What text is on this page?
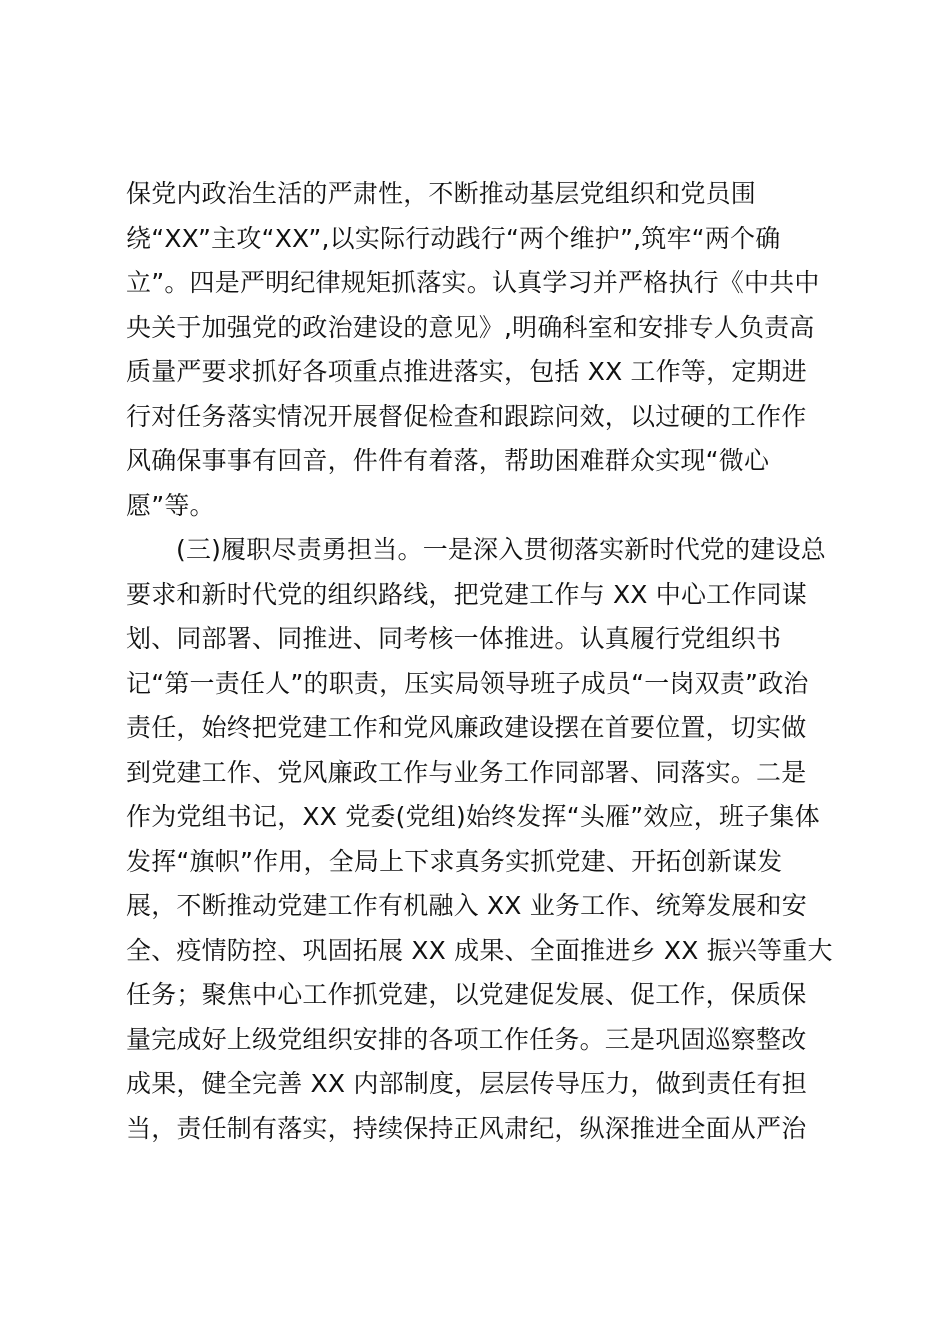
保党内政治生活的严肃性，不断推动基层党组织和党员围
绕“XX”主攻“XX”,以实际行动践行“两个维护”,筑牢“两个确
立”。四是严明纪律规矩抓落实。认真学习并严格执行《中共中
央关于加强党的政治建设的意见》,明确科室和安排专人负责高
质量严要求抓好各项重点推进落实，包括 XX 工作等，定期进
行对任务落实情况开展督促检查和跟踪问效，以过硬的工作作
风确保事事有回音，件件有着落，帮助困难群众实现“微心
愿”等。
(三)履职尽责勇担当。一是深入贯彻落实新时代党的建设总
要求和新时代党的组织路线，把党建工作与 XX 中心工作同谋
划、同部署、同推进、同考核一体推进。认真履行党组织书
记“第一责任人”的职责，压实局领导班子成员“一岗双责”政治
责任，始终把党建工作和党风廉政建设摆在首要位置，切实做
到党建工作、党风廉政工作与业务工作同部署、同落实。二是
作为党组书记，XX 党委(党组)始终发挥“头雁”效应，班子集体
发挥“旗帜”作用，全局上下求真务实抓党建、开拓创新谋发
展，不断推动党建工作有机融入 XX 业务工作、统筹发展和安
全、疫情防控、巩固拓展 XX 成果、全面推进乡 XX 振兴等重大
任务；聚焦中心工作抓党建，以党建促发展、促工作，保质保
量完成好上级党组织安排的各项工作任务。三是巩固巡察整改
成果，健全完善 XX 内部制度，层层传导压力，做到责任有担
当，责任制有落实，持续保持正风肃纪，纵深推进全面从严治
